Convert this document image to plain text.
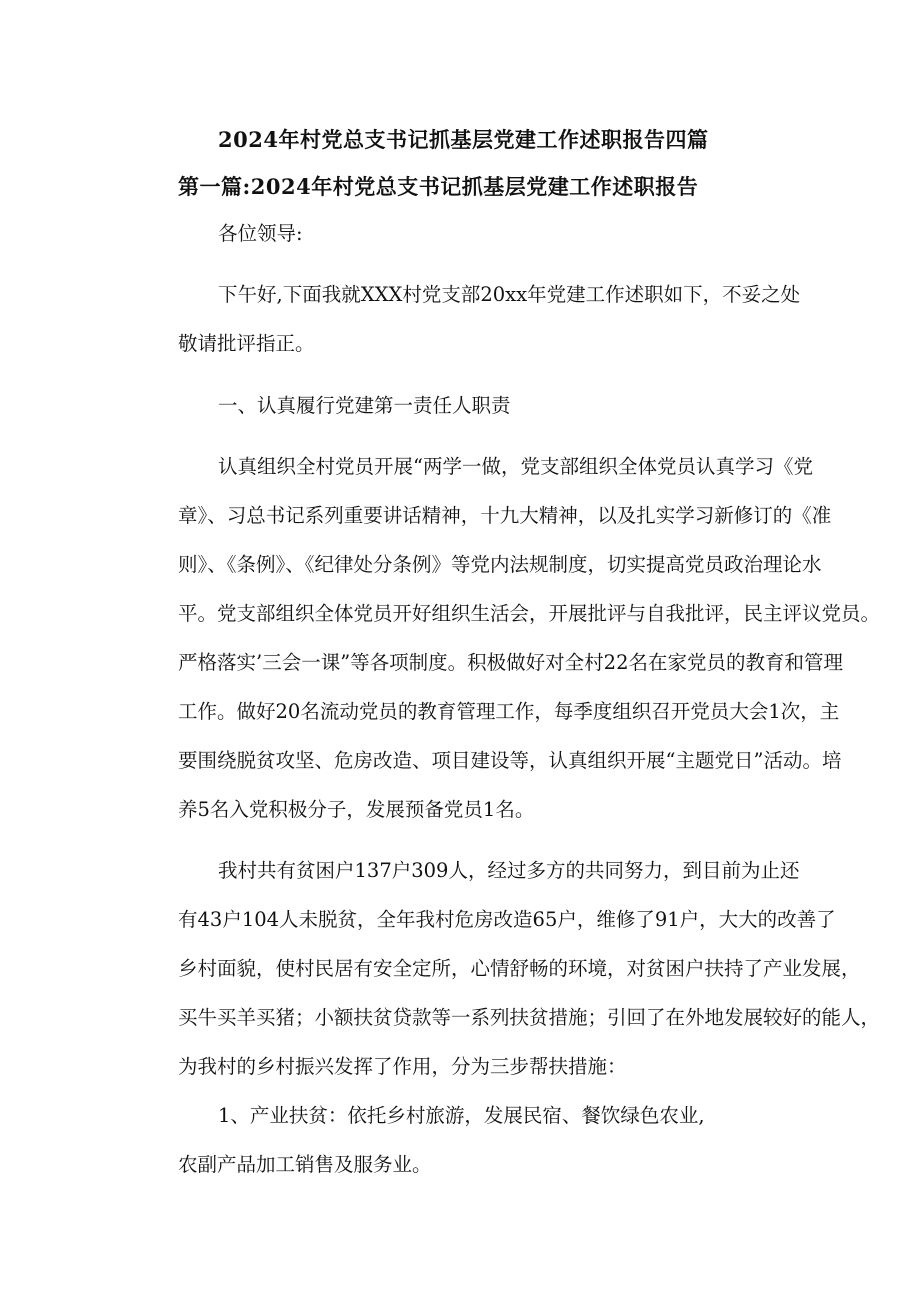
2024年村党总支书记抓基层党建工作述职报告四篇
第一篇:2024年村党总支书记抓基层党建工作述职报告
各位领导:
下午好,下面我就XXX村党支部20xx年党建工作述职如下，不妥之处
敬请批评指正。
一、认真履行党建第一责任人职责
认真组织全村党员开展“两学一做，党支部组织全体党员认真学习《党
章》、习总书记系列重要讲话精神，十九大精神，以及扎实学习新修订的《准
则》、《条例》、《纪律处分条例》等党内法规制度，切实提高党员政治理论水
平。党支部组织全体党员开好组织生活会，开展批评与自我批评，民主评议党员。
严格落实’三会一课”等各项制度。积极做好对全村22名在家党员的教育和管理
工作。做好20名流动党员的教育管理工作，每季度组织召开党员大会1次，主
要围绕脱贫攻坚、危房改造、项目建设等，认真组织开展“主题党日”活动。培
养5名入党积极分子，发展预备党员1名。
我村共有贫困户137户309人，经过多方的共同努力，到目前为止还
有43户104人未脱贫，全年我村危房改造65户，维修了91户，大大的改善了
乡村面貌，使村民居有安全定所，心情舒畅的环境，对贫困户扶持了产业发展，
买牛买羊买猪；小额扶贫贷款等一系列扶贫措施；引回了在外地发展较好的能人，
为我村的乡村振兴发挥了作用，分为三步帮扶措施：
1、产业扶贫：依托乡村旅游，发展民宿、餐饮绿色农业,
农副产品加工销售及服务业。
